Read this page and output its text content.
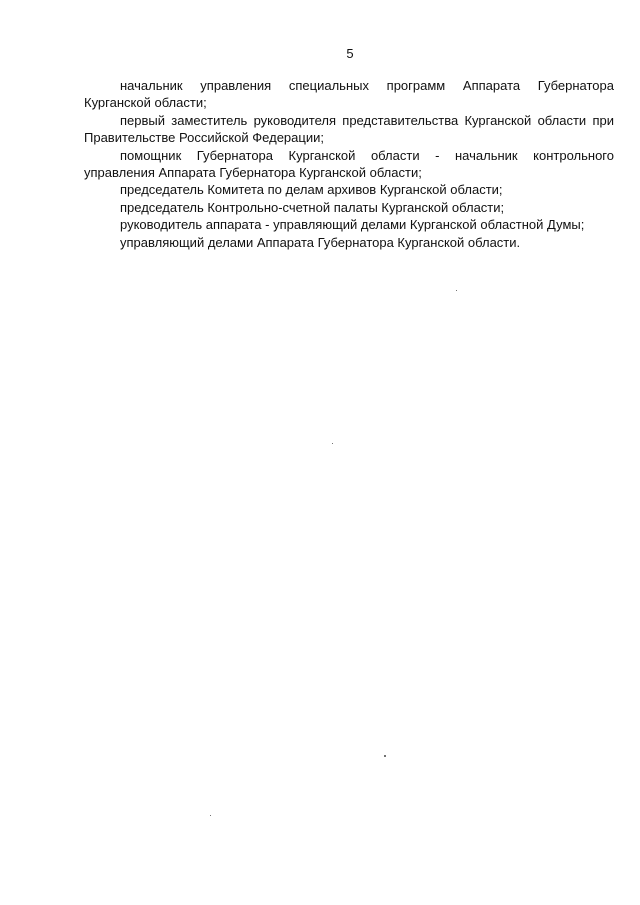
5

начальник управления специальных программ Аппарата Губернатора Курганской области;

первый заместитель руководителя представительства Курганской области при Правительстве Российской Федерации;

помощник Губернатора Курганской области - начальник контрольного управления Аппарата Губернатора Курганской области;

председатель Комитета по делам архивов Курганской области;

председатель Контрольно-счетной палаты Курганской области;

руководитель аппарата - управляющий делами Курганской областной Думы;

управляющий делами Аппарата Губернатора Курганской области.
